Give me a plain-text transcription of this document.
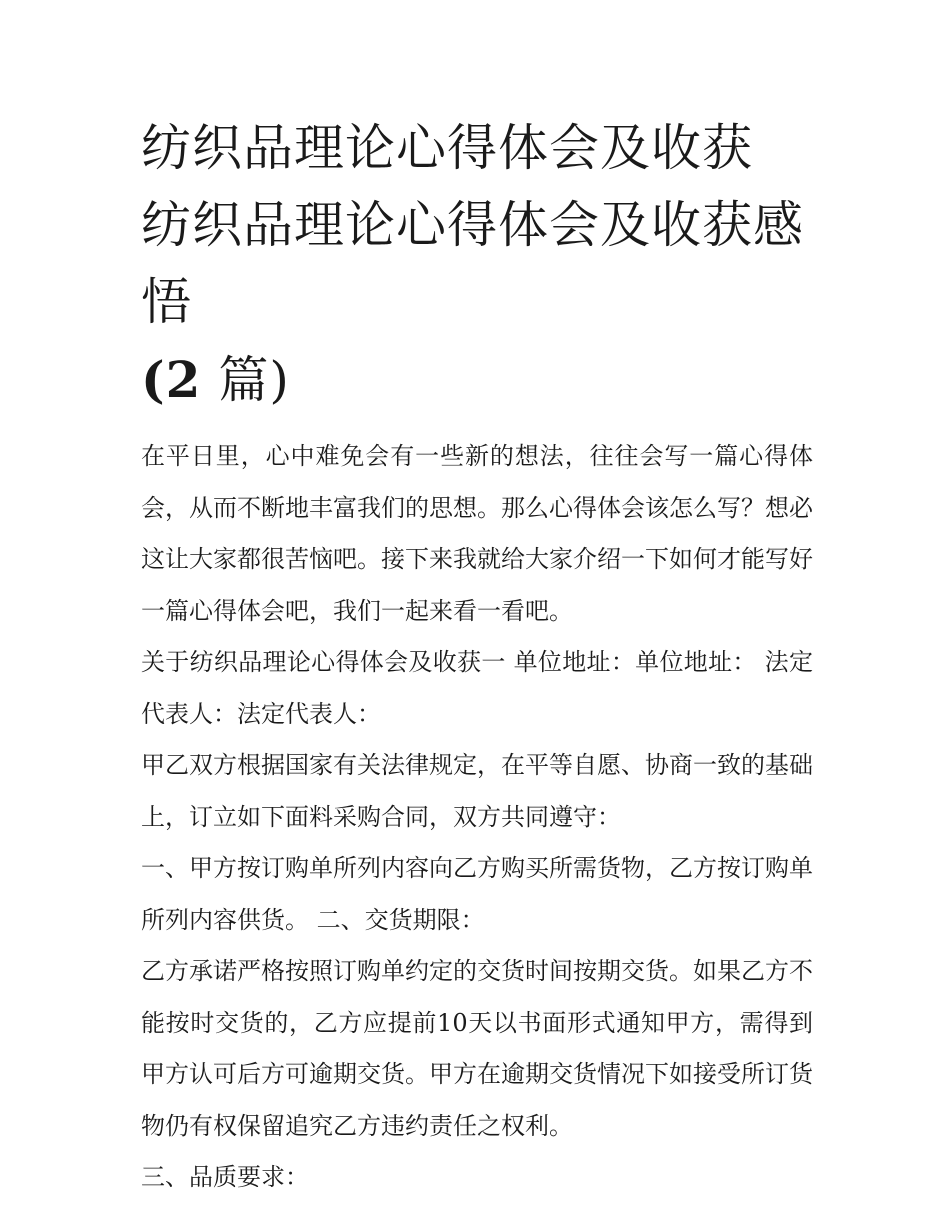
纺织品理论心得体会及收获 纺织品理论心得体会及收获感悟
(2 篇)

在平日里，心中难免会有一些新的想法，往往会写一篇心得体会，从而不断地丰富我们的思想。那么心得体会该怎么写？想必这让大家都很苦恼吧。接下来我就给大家介绍一下如何才能写好一篇心得体会吧，我们一起来看一看吧。

关于纺织品理论心得体会及收获一 单位地址：单位地址： 法定代表人：法定代表人：

甲乙双方根据国家有关法律规定，在平等自愿、协商一致的基础上，订立如下面料采购合同，双方共同遵守：

一、甲方按订购单所列内容向乙方购买所需货物，乙方按订购单所列内容供货。 二、交货期限：

乙方承诺严格按照订购单约定的交货时间按期交货。如果乙方不能按时交货的，乙方应提前10天以书面形式通知甲方，需得到甲方认可后方可逾期交货。甲方在逾期交货情况下如接受所订货物仍有权保留追究乙方违约责任之权利。

三、品质要求：
